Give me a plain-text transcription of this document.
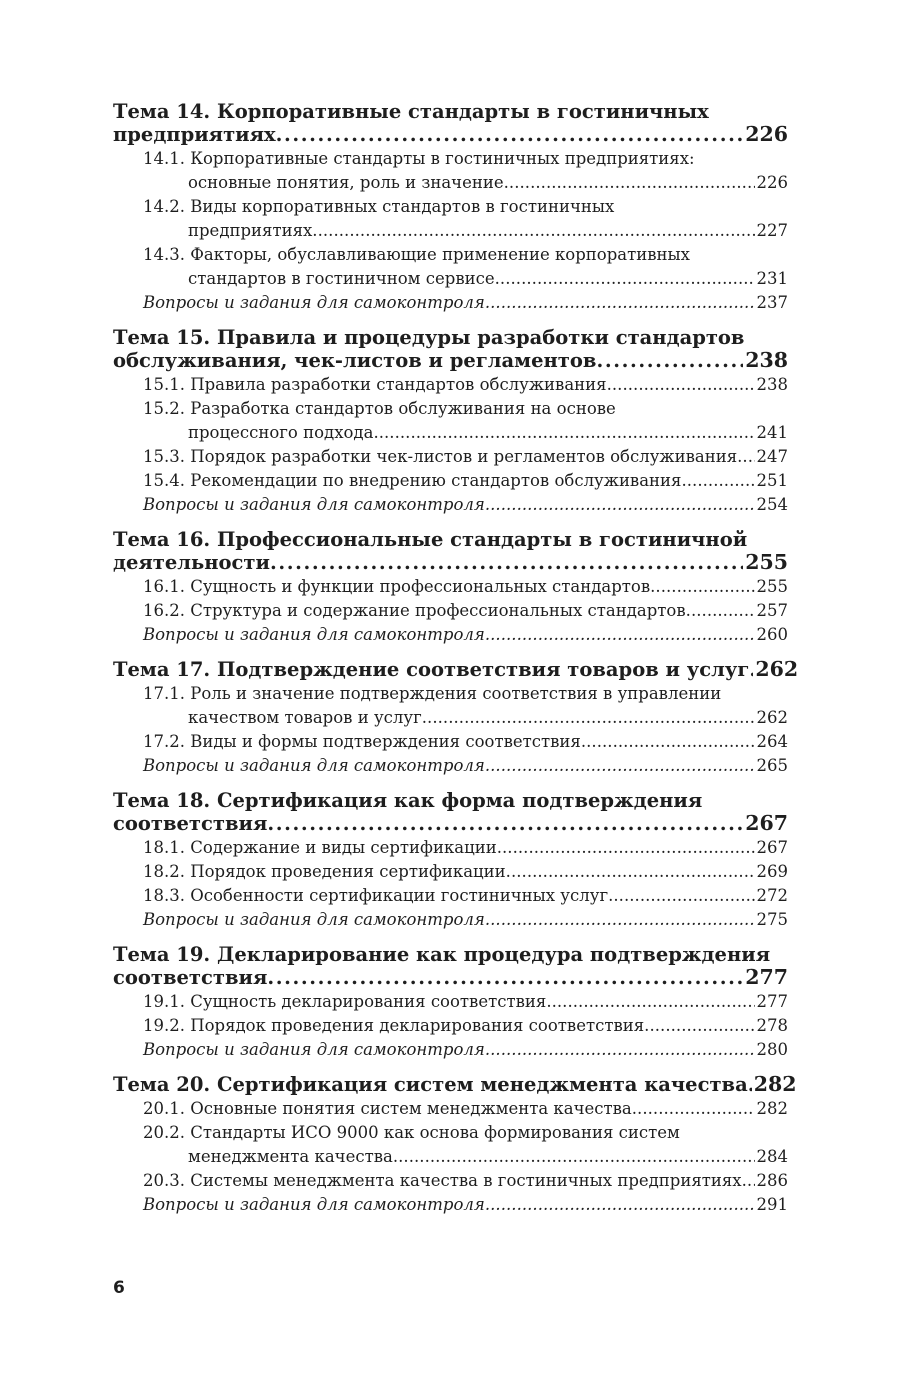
Тема 14. Корпоративные стандарты в гостиничных
предприятиях . . .	226
14.1. Корпоративные стандарты в гостиничных предприятиях:
основные понятия, роль и значение . . .	226
14.2. Виды корпоративных стандартов в гостиничных
предприятиях . . .	227
14.3. Факторы, обуславливающие применение корпоративных
стандартов в гостиничном сервисе . . .	231
Вопросы и задания для самоконтроля . . .	237
Тема 15. Правила и процедуры разработки стандартов
обслуживания, чек-листов и регламентов . . .	238
15.1. Правила разработки стандартов обслуживания . . .	238
15.2. Разработка стандартов обслуживания на основе
процессного подхода . . .	241
15.3. Порядок разработки чек-листов и регламентов обслуживания . . . 247
15.4. Рекомендации по внедрению стандартов обслуживания . . .	251
Вопросы и задания для самоконтроля . . .	254
Тема 16. Профессиональные стандарты в гостиничной
деятельности . . .	255
16.1. Сущность и функции профессиональных стандартов . . .	255
16.2. Структура и содержание профессиональных стандартов . . .	257
Вопросы и задания для самоконтроля . . .	260
Тема 17. Подтверждение соответствия товаров и услуг . . . 262
17.1. Роль и значение подтверждения соответствия в управлении
качеством товаров и услуг . . .	262
17.2. Виды и формы подтверждения соответствия . . .	264
Вопросы и задания для самоконтроля . . .	265
Тема 18. Сертификация как форма подтверждения
соответствия . . .	267
18.1. Содержание и виды сертификации . . .	267
18.2. Порядок проведения сертификации . . .	269
18.3. Особенности сертификации гостиничных услуг . . .	272
Вопросы и задания для самоконтроля . . .	275
Тема 19. Декларирование как процедура подтверждения
соответствия . . .	277
19.1. Сущность декларирования соответствия . . .	277
19.2. Порядок проведения декларирования соответствия . . .	278
Вопросы и задания для самоконтроля . . .	280
Тема 20. Сертификация систем менеджмента качества . . . 282
20.1. Основные понятия систем менеджмента качества . . .	282
20.2. Стандарты ИСО 9000 как основа формирования систем
менеджмента качества . . .	284
20.3. Системы менеджмента качества в гостиничных предприятиях . . . 286
Вопросы и задания для самоконтроля . . .	291
6
